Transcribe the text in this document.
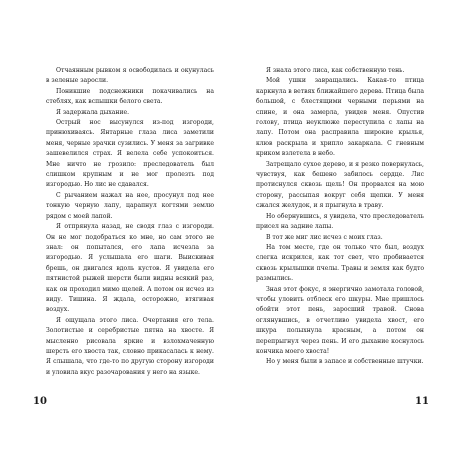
Отчаянным рывком я освободилась и окунулась в зеленые заросли.

Поникшие подснежники покачивались на стеблях, как вспышки белого света.

Я задержала дыхание.

Острый нос высунулся из-под изгороди, принюхиваясь. Янтарные глаза лиса заметили меня, черные зрачки сузились. У меня за загривке зашевелился страх. Я велела себе успокоиться. Мне ничто не грозило: преследователь был слишком крупным и не мог пролезть под изгородью. Но лис не сдавался.

С рычанием нажал на нее, просунул под нее тонкую черную лапу, царапнул когтями землю рядом с моей лапой.

Я отпрянула назад, не сводя глаз с изгороди. Он не мог подобраться ко мне, но сам этого не знал: он попытался, его лапа исчезла за изгородью. Я услышала его шаги. Выискивая брешь, он двигался вдоль кустов. Я увидела его пятнистой рыжей шерсти были видны всякий раз, как он проходил мимо щелей. А потом он исчез из виду. Тишина. Я ждала, осторожно, втягивая воздух.

Я ощущала этого лиса. Очертания его тела. Золотистые и серебристые пятна на хвосте. Я мысленно рисовала яркие и взлохмаченную шерсть его хвоста так, словно прикасалась к нему. Я слышала, что где-то по другую сторону изгороди и уловила вкус разочарования у него на языке.

10

Я знала этого лиса, как собственную тень.

Мой ушки завращались. Какая-то птица каркнула в ветвях ближайшего дерева. Птица была большой, с блестящими черными перьями на спине, и она замерла, увидев меня. Опустив голову, птица неуклюже переступила с лапы на лапу. Потом она расправила широкие крылья, клюв раскрыла и хрипло закаркала. С гневным криком взлетела в небо.

Затрещало сухое дерево, и я резко повернулась, чувствуя, как бешено забилось сердце. Лис протиснулся сквозь щель! Он прорвался на мою сторону, рассыпая вокруг себя щепки. У меня сжался желудок, и я прыгнула в траву.

Но обернувшись, я увидела, что преследователь присел на задние лапы.

В тот же миг лис исчез с моих глаз.

На том месте, где он только что был, воздух слегка искрился, как тот свет, что пробивается сквозь крылышки пчелы. Травы и земля как будто размылись.

Зная этот фокус, я энергично замотала головой, чтобы уловить отблеск его шкуры. Мне пришлось обойти этот пень, заросший травой. Снова оглянувшись, в отчетливо увидела хвост, его шкура полыхнула красным, а потом он перепрыгнул через пень. И его дыхание коснулось кончика моего хвоста!

Но у меня были в запасе и собственные штучки.

11
